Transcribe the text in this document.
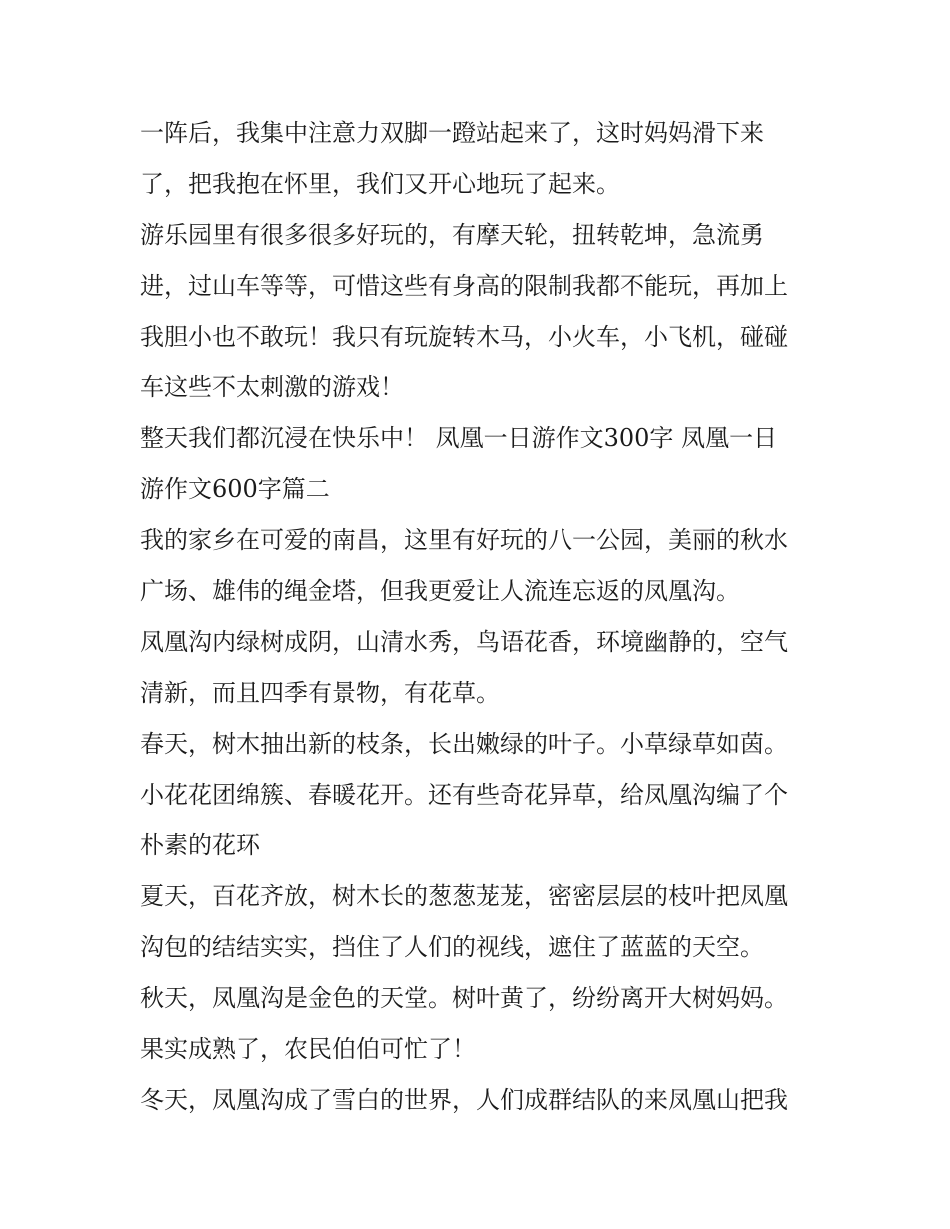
一阵后，我集中注意力双脚一蹬站起来了，这时妈妈滑下来

了，把我抱在怀里，我们又开心地玩了起来。

游乐园里有很多很多好玩的，有摩天轮，扭转乾坤，急流勇

进，过山车等等，可惜这些有身高的限制我都不能玩，再加上

我胆小也不敢玩！我只有玩旋转木马，小火车，小飞机，碰碰

车这些不太刺激的游戏！

整天我们都沉浸在快乐中！ 凤凰一日游作文300字 凤凰一日

游作文600字篇二

我的家乡在可爱的南昌，这里有好玩的八一公园，美丽的秋水

广场、雄伟的绳金塔，但我更爱让人流连忘返的凤凰沟。

凤凰沟内绿树成阴，山清水秀，鸟语花香，环境幽静的，空气

清新，而且四季有景物，有花草。

春天，树木抽出新的枝条，长出嫩绿的叶子。小草绿草如茵。

小花花团绵簇、春暖花开。还有些奇花异草，给凤凰沟编了个

朴素的花环

夏天，百花齐放，树木长的葱葱茏茏，密密层层的枝叶把凤凰

沟包的结结实实，挡住了人们的视线，遮住了蓝蓝的天空。

秋天，凤凰沟是金色的天堂。树叶黄了，纷纷离开大树妈妈。

果实成熟了，农民伯伯可忙了！

冬天，凤凰沟成了雪白的世界，人们成群结队的来凤凰山把我
